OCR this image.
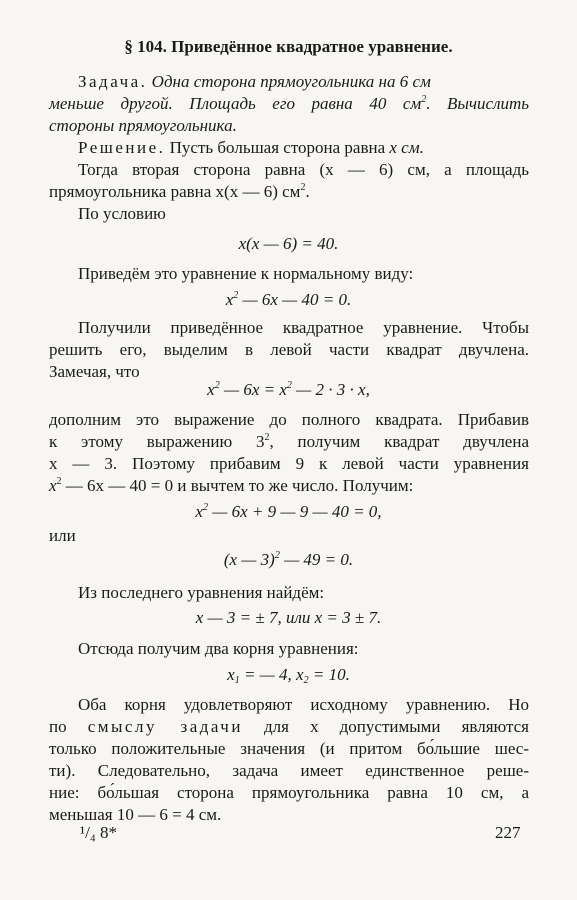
§ 104. Приведённое квадратное уравнение.
Задача. Одна сторона прямоугольника на 6 см
меньше другой. Площадь его равна 40 $см^2$. Вычислить
стороны прямоугольника.
Решение. Пусть большая сторона равна x см.
Тогда вторая сторона равна (x — 6) см, а площадь
прямоугольника равна x(x — 6) $см^2$.
По условию
x(x — 6) = 40.
Приведём это уравнение к нормальному виду:
$x^2$ — 6x — 40 = 0.
Получили приведённое квадратное уравнение. Чтобы
решить его, выделим в левой части квадрат двучлена.
Замечая, что
$x^2$ — $6x = x^2$ — 2 · 3 · x,
дополним это выражение до полного квадрата. Прибавив
к этому выражению $3^2$, получим квадрат двучлена
x — 3. Поэтому прибавим 9 к левой части уравнения
$x^2$ — 6x — 40 = 0 и вычтем то же число. Получим:
$x^2$ — 6x + 9 — 9 — 40 = 0,
или
(x — 3)$^2$ — 49 = 0.
Из последнего уравнения найдём:
x — 3 = ± 7, или x = 3 ± 7.
Отсюда получим два корня уравнения:
$x_1$ = — 4, $x_2 = 10$.
Оба корня удовлетворяют исходному уравнению. Но
по смыслу задачи для x допустимыми являются
только положительные значения (и притом бо́льшие шес-
ти). Следовательно, задача имеет единственное реше-
ние: бо́льшая сторона прямоугольника равна 10 см, а
меньшая 10 — 6 = 4 см.
¹/₄ 8*	227
